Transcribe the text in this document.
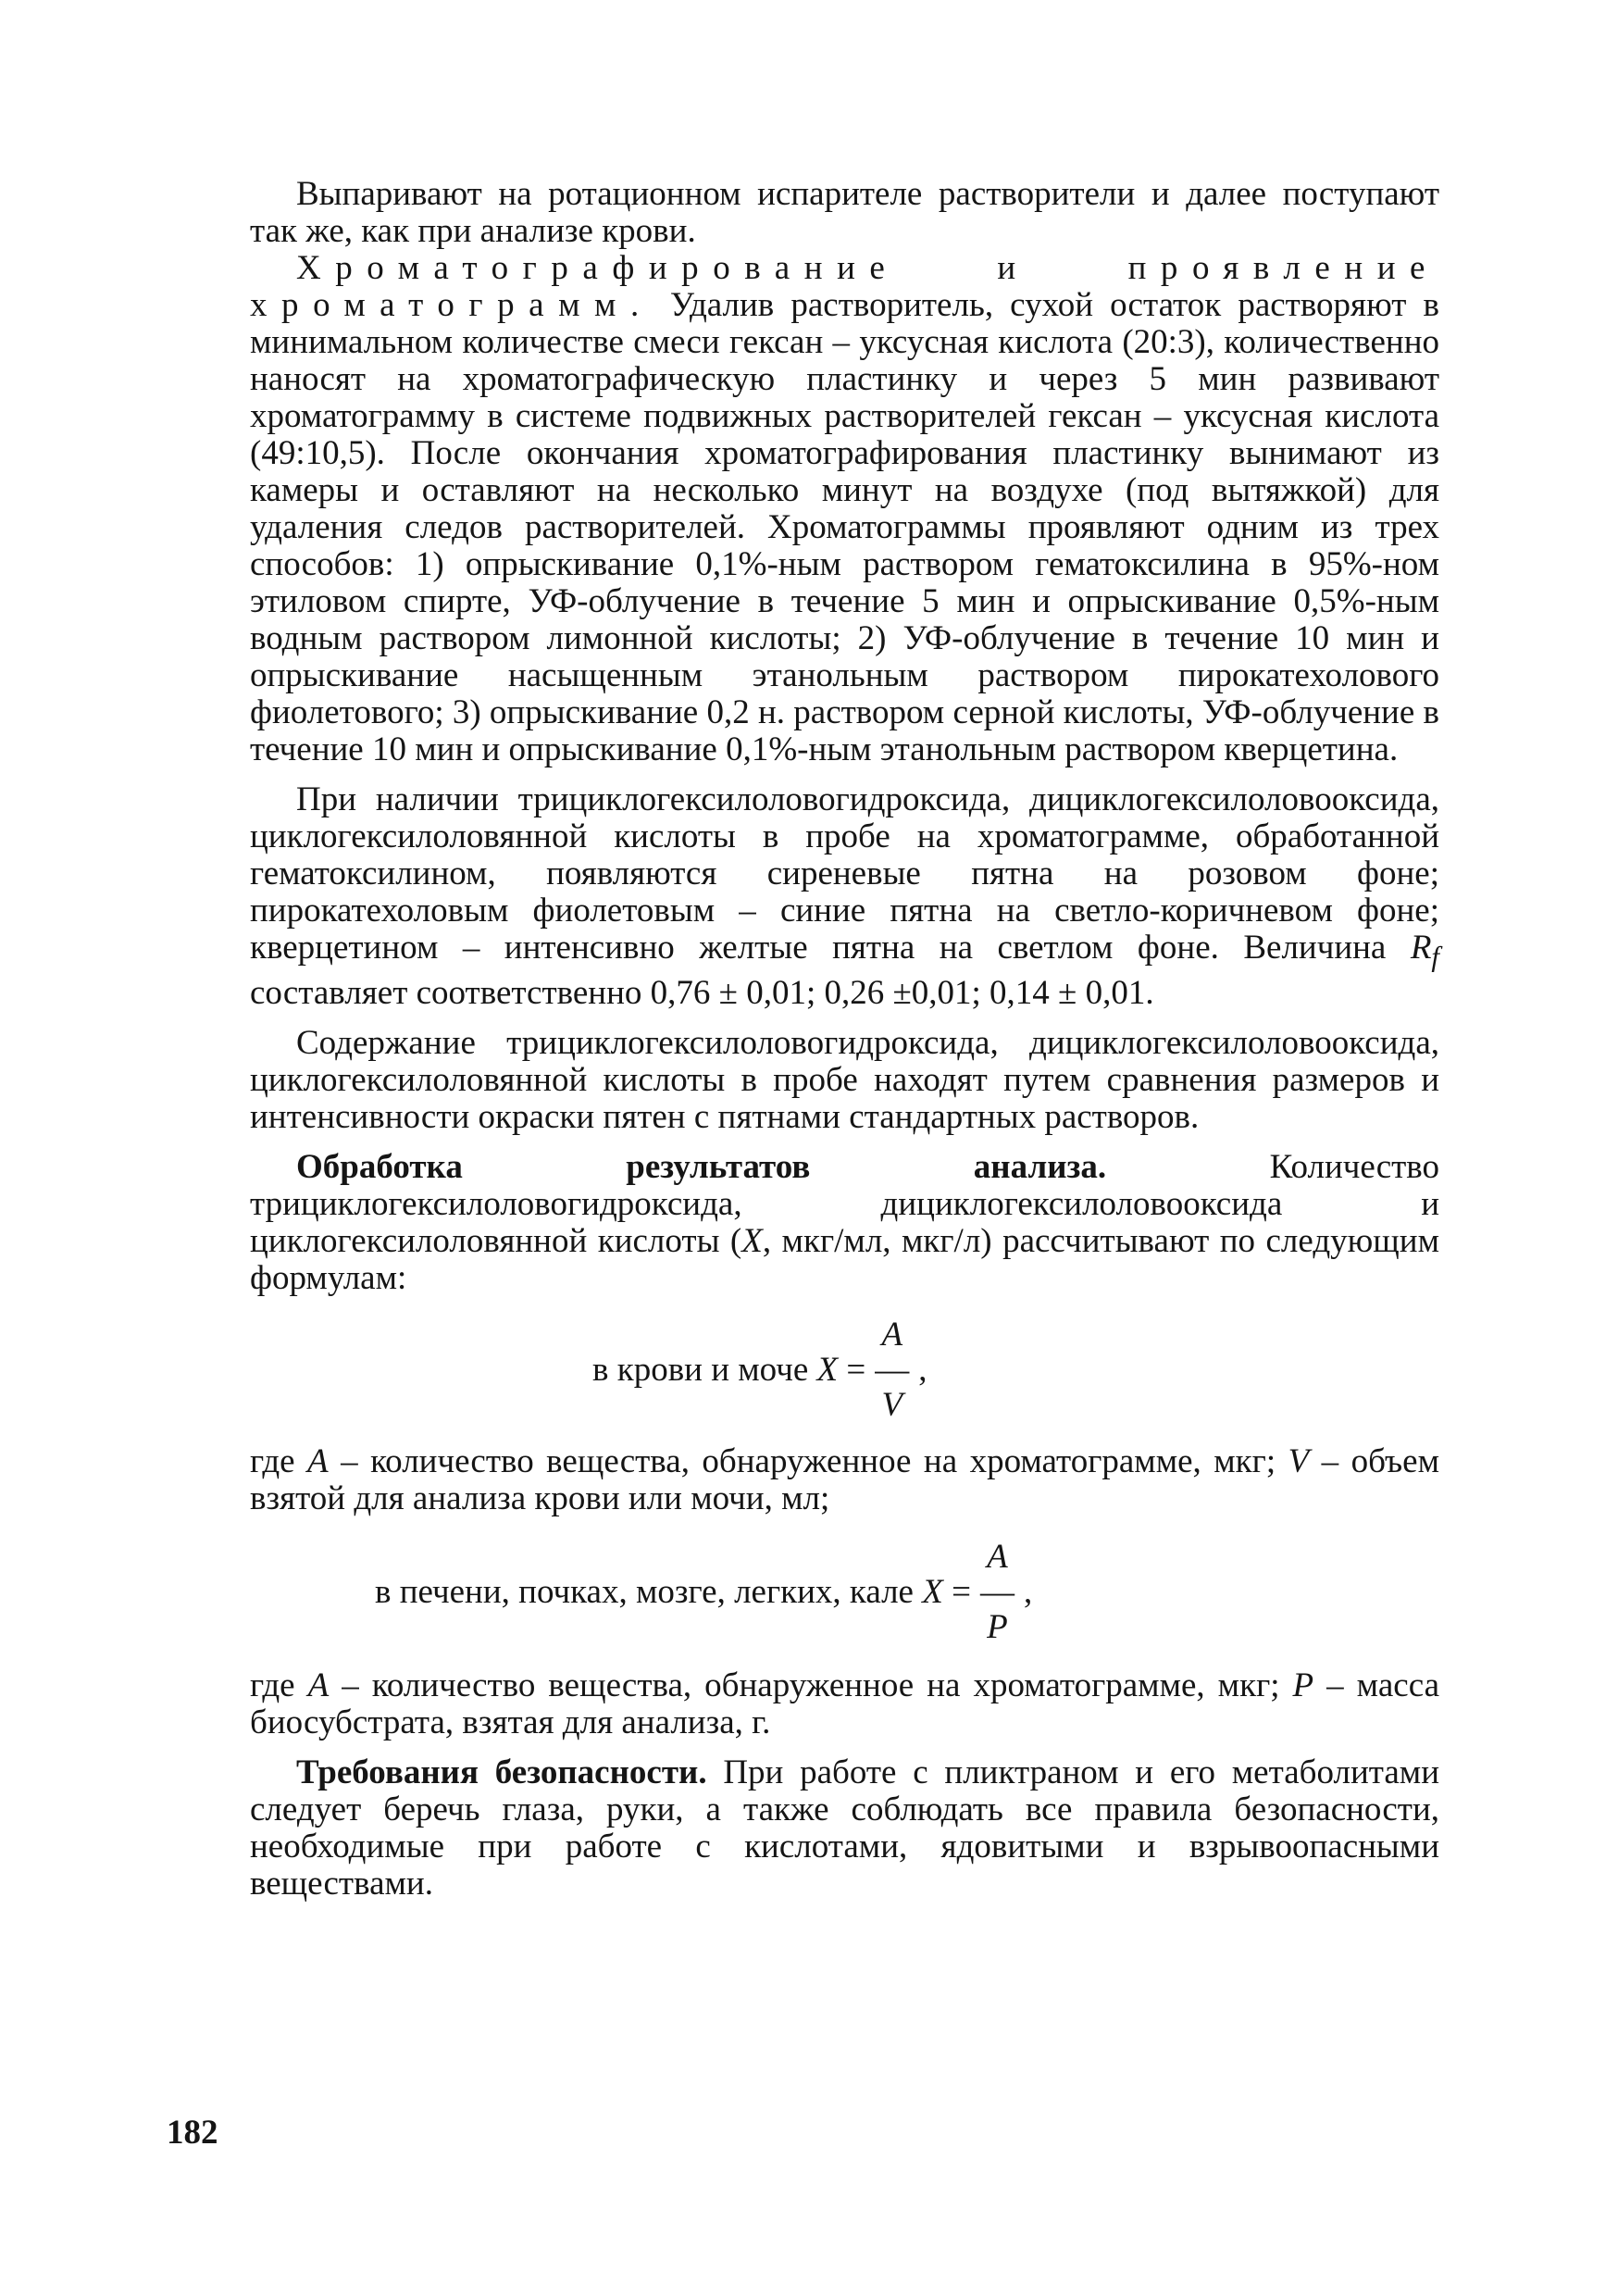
Выпаривают на ротационном испарителе растворители и далее поступают так же, как при анализе крови.

Хроматографирование и проявление хроматограмм. Удалив растворитель, сухой остаток растворяют в минимальном количестве смеси гексан – уксусная кислота (20:3), количественно наносят на хроматографическую пластинку и через 5 мин развивают хроматограмму в системе подвижных растворителей гексан – уксусная кислота (49:10,5). После окончания хроматографирования пластинку вынимают из камеры и оставляют на несколько минут на воздухе (под вытяжкой) для удаления следов растворителей. Хроматограммы проявляют одним из трех способов: 1) опрыскивание 0,1%-ным раствором гематоксилина в 95%-ном этиловом спирте, УФ-облучение в течение 5 мин и опрыскивание 0,5%-ным водным раствором лимонной кислоты; 2) УФ-облучение в течение 10 мин и опрыскивание насыщенным этанольным раствором пирокатехолового фиолетового; 3) опрыскивание 0,2 н. раствором серной кислоты, УФ-облучение в течение 10 мин и опрыскивание 0,1%-ным этанольным раствором кверцетина.

При наличии трициклогексилоловогидроксида, дициклогексилоловооксида, циклогексилоловянной кислоты в пробе на хроматограмме, обработанной гематоксилином, появляются сиреневые пятна на розовом фоне; пирокатехоловым фиолетовым – синие пятна на светло-коричневом фоне; кверцетином – интенсивно желтые пятна на светлом фоне. Величина $R_f$ составляет соответственно 0,76 ± 0,01; 0,26 ±0,01; 0,14 ± 0,01.

Содержание трициклогексилоловогидроксида, дициклогексилоловооксида, циклогексилоловянной кислоты в пробе находят путем сравнения размеров и интенсивности окраски пятен с пятнами стандартных растворов.

Обработка результатов анализа. Количество трициклогексилоловогидроксида, дициклогексилоловооксида и циклогексилоловянной кислоты (X, мкг/мл, мкг/л) рассчитывают по следующим формулам:

в крови и моче
X
=
A
—
V
,

где A – количество вещества, обнаруженное на хроматограмме, мкг; V – объем взятой для анализа крови или мочи, мл;

в печени, почках, мозге, легких, кале
X
=
A
—
P
,

где A – количество вещества, обнаруженное на хроматограмме, мкг; P – масса биосубстрата, взятая для анализа, г.

Требования безопасности. При работе с пликтраном и его метаболитами следует беречь глаза, руки, а также соблюдать все правила безопасности, необходимые при работе с кислотами, ядовитыми и взрывоопасными веществами.

182
